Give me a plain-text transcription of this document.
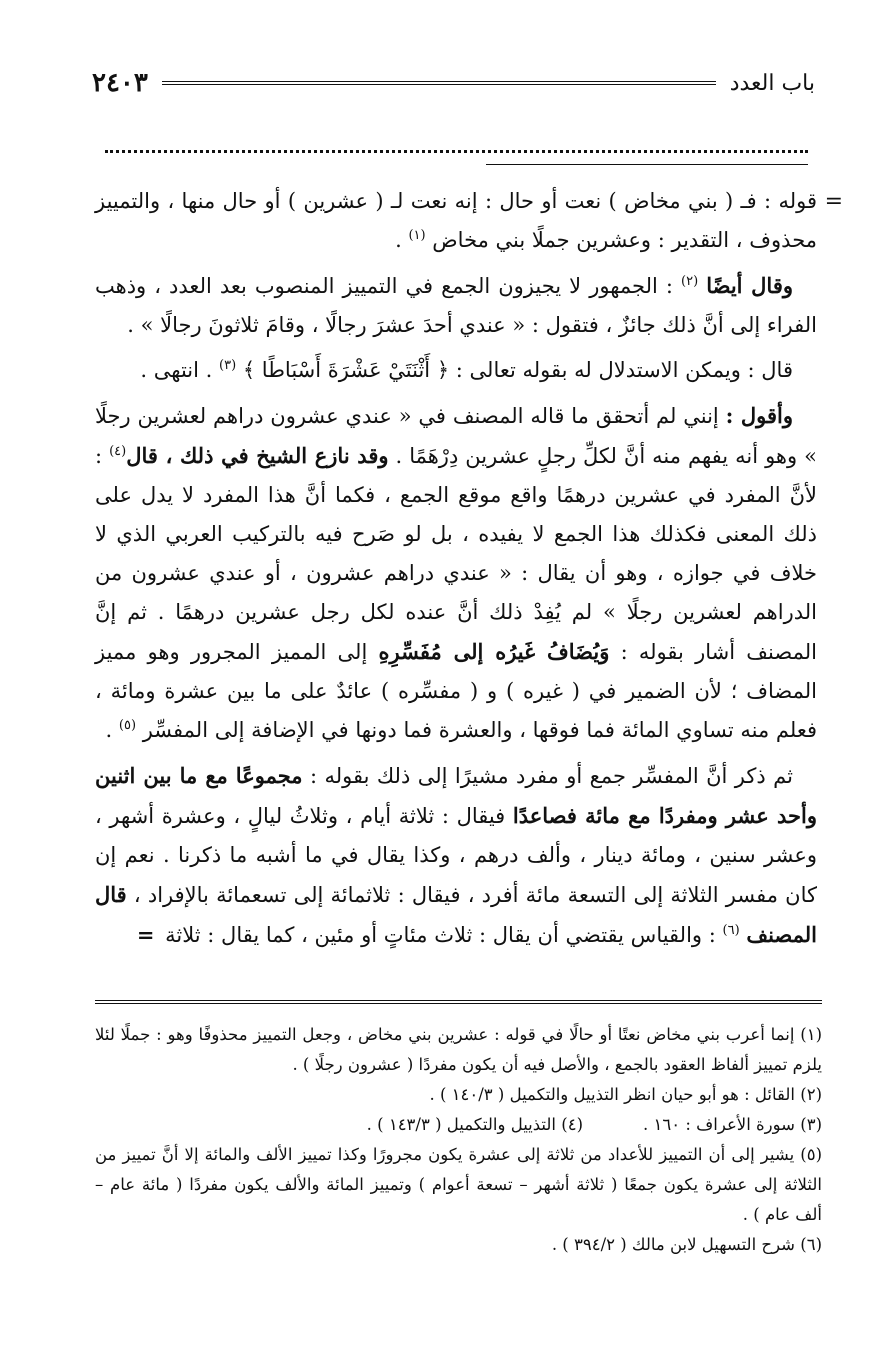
باب العدد
٢٤٠٣
=

قوله : فـ ( بني مخاض ) نعت أو حال : إنه نعت لـ ( عشرين ) أو حال منها ، والتمييز محذوف ، التقدير : وعشرين جملًا بني مخاض $^{(١)}$ .

وقال أيضًا $^{(٢)}$ : الجمهور لا يجيزون الجمع في التمييز المنصوب بعد العدد ، وذهب الفراء إلى أنَّ ذلك جائزٌ ، فتقول : « عندي أحدَ عشرَ رجالًا ، وقامَ ثلاثونَ رجالًا » .

قال : ويمكن الاستدلال له بقوله تعالى : ﴿ أَثْنَتَيْ عَشْرَةَ أَسْبَاطًا ﴾ $^{(٣)}$ . انتهى .

وأقول : إنني لم أتحقق ما قاله المصنف في « عندي عشرون دراهم لعشرين رجلًا » وهو أنه يفهم منه أنَّ لكلِّ رجلٍ عشرين دِرْهَمًا . وقد نازع الشيخ في ذلك ، قال$^{(٤)}$ : لأنَّ المفرد في عشرين درهمًا واقع موقع الجمع ، فكما أنَّ هذا المفرد لا يدل على ذلك المعنى فكذلك هذا الجمع لا يفيده ، بل لو صَرح فيه بالتركيب العربي الذي لا خلاف في جوازه ، وهو أن يقال : « عندي دراهم عشرون ، أو عندي عشرون من الدراهم لعشرين رجلًا » لم يُفِدْ ذلك أنَّ عنده لكل رجل عشرين درهمًا . ثم إنَّ المصنف أشار بقوله : وَيُضَافُ غَيرُه إلى مُفَسِّرِهِ إلى المميز المجرور وهو مميز المضاف ؛ لأن الضمير في ( غيره ) و ( مفسِّره ) عائدٌ على ما بين عشرة ومائة ، فعلم منه تساوي المائة فما فوقها ، والعشرة فما دونها في الإضافة إلى المفسِّر $^{(٥)}$ .

ثم ذكر أنَّ المفسِّر جمع أو مفرد مشيرًا إلى ذلك بقوله : مجموعًا مع ما بين اثنين وأحد عشر ومفردًا مع مائة فصاعدًا فيقال : ثلاثة أيام ، وثلاثُ ليالٍ ، وعشرة أشهر ، وعشر سنين ، ومائة دينار ، وألف درهم ، وكذا يقال في ما أشبه ما ذكرنا . نعم إن كان مفسر الثلاثة إلى التسعة مائة أفرد ، فيقال : ثلاثمائة إلى تسعمائة بالإفراد ، قال المصنف $^{(٦)}$ : والقياس يقتضي أن يقال : ثلاث مئاتٍ أو مئين ، كما يقال : ثلاثة =

(١) إنما أعرب بني مخاض نعتًا أو حالًا في قوله : عشرين بني مخاض ، وجعل التمييز محذوفًا وهو : جملًا لئلا يلزم تمييز ألفاظ العقود بالجمع ، والأصل فيه أن يكون مفردًا ( عشرون رجلًا ) .

(٢) القائل : هو أبو حيان انظر التذييل والتكميل ( ١٤٠/٣ ) .

(٣) سورة الأعراف : ١٦٠ .
(٤) التذييل والتكميل ( ١٤٣/٣ ) .

(٥) يشير إلى أن التمييز للأعداد من ثلاثة إلى عشرة يكون مجرورًا وكذا تمييز الألف والمائة إلا أنَّ تمييز من الثلاثة إلى عشرة يكون جمعًا ( ثلاثة أشهر – تسعة أعوام ) وتمييز المائة والألف يكون مفردًا ( مائة عام – ألف عام ) .

(٦) شرح التسهيل لابن مالك ( ٣٩٤/٢ ) .
